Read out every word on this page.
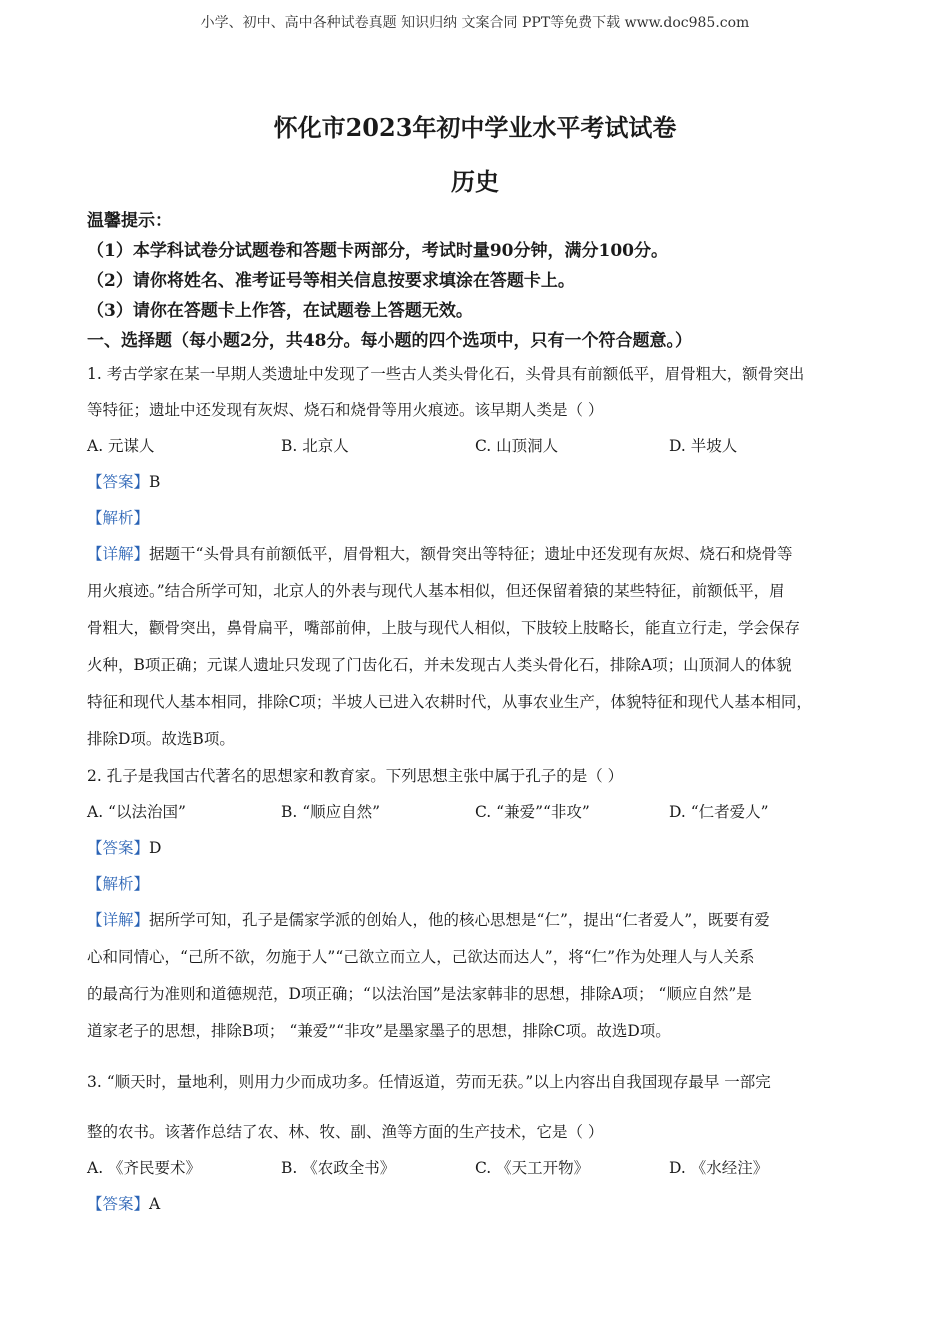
小学、初中、高中各种试卷真题 知识归纳 文案合同 PPT等免费下载 www.doc985.com
怀化市2023年初中学业水平考试试卷
历史
温馨提示：
（1）本学科试卷分试题卷和答题卡两部分，考试时量90分钟，满分100分。
（2）请你将姓名、准考证号等相关信息按要求填涂在答题卡上。
（3）请你在答题卡上作答，在试题卷上答题无效。
一、选择题（每小题2分，共48分。每小题的四个选项中，只有一个符合题意。）
1. 考古学家在某一早期人类遗址中发现了一些古人类头骨化石，头骨具有前额低平，眉骨粗大，额骨突出
等特征；遗址中还发现有灰烬、烧石和烧骨等用火痕迹。该早期人类是（ ）
A. 元谋人	B. 北京人	C. 山顶洞人	D. 半坡人
【答案】B
【解析】
【详解】据题干“头骨具有前额低平，眉骨粗大，额骨突出等特征；遗址中还发现有灰烬、烧石和烧骨等
用火痕迹。”结合所学可知，北京人的外表与现代人基本相似，但还保留着猿的某些特征，前额低平，眉
骨粗大，颧骨突出，鼻骨扁平，嘴部前伸，上肢与现代人相似，下肢较上肢略长，能直立行走，学会保存
火种，B项正确；元谋人遗址只发现了门齿化石，并未发现古人类头骨化石，排除A项；山顶洞人的体貌
特征和现代人基本相同，排除C项；半坡人已进入农耕时代，从事农业生产，体貌特征和现代人基本相同，
排除D项。故选B项。
2. 孔子是我国古代著名的思想家和教育家。下列思想主张中属于孔子的是（ ）
A. “以法治国”	B. “顺应自然”	C. “兼爱”“非攻”	D. “仁者爱人”
【答案】D
【解析】
【详解】据所学可知，孔子是儒家学派的创始人，他的核心思想是“仁”，提出“仁者爱人”，既要有爱
心和同情心，“己所不欲，勿施于人”“己欲立而立人，己欲达而达人”，将“仁”作为处理人与人关系
的最高行为准则和道德规范，D项正确；“以法治国”是法家韩非的思想，排除A项； “顺应自然”是
道家老子的思想，排除B项； “兼爱”“非攻”是墨家墨子的思想，排除C项。故选D项。
3. “顺天时，量地利，则用力少而成功多。任情返道，劳而无获。”以上内容出自我国现存最早 一部完
整的农书。该著作总结了农、林、牧、副、渔等方面的生产技术，它是（ ）
A. 《齐民要术》	B. 《农政全书》	C. 《天工开物》	D. 《水经注》
【答案】A
